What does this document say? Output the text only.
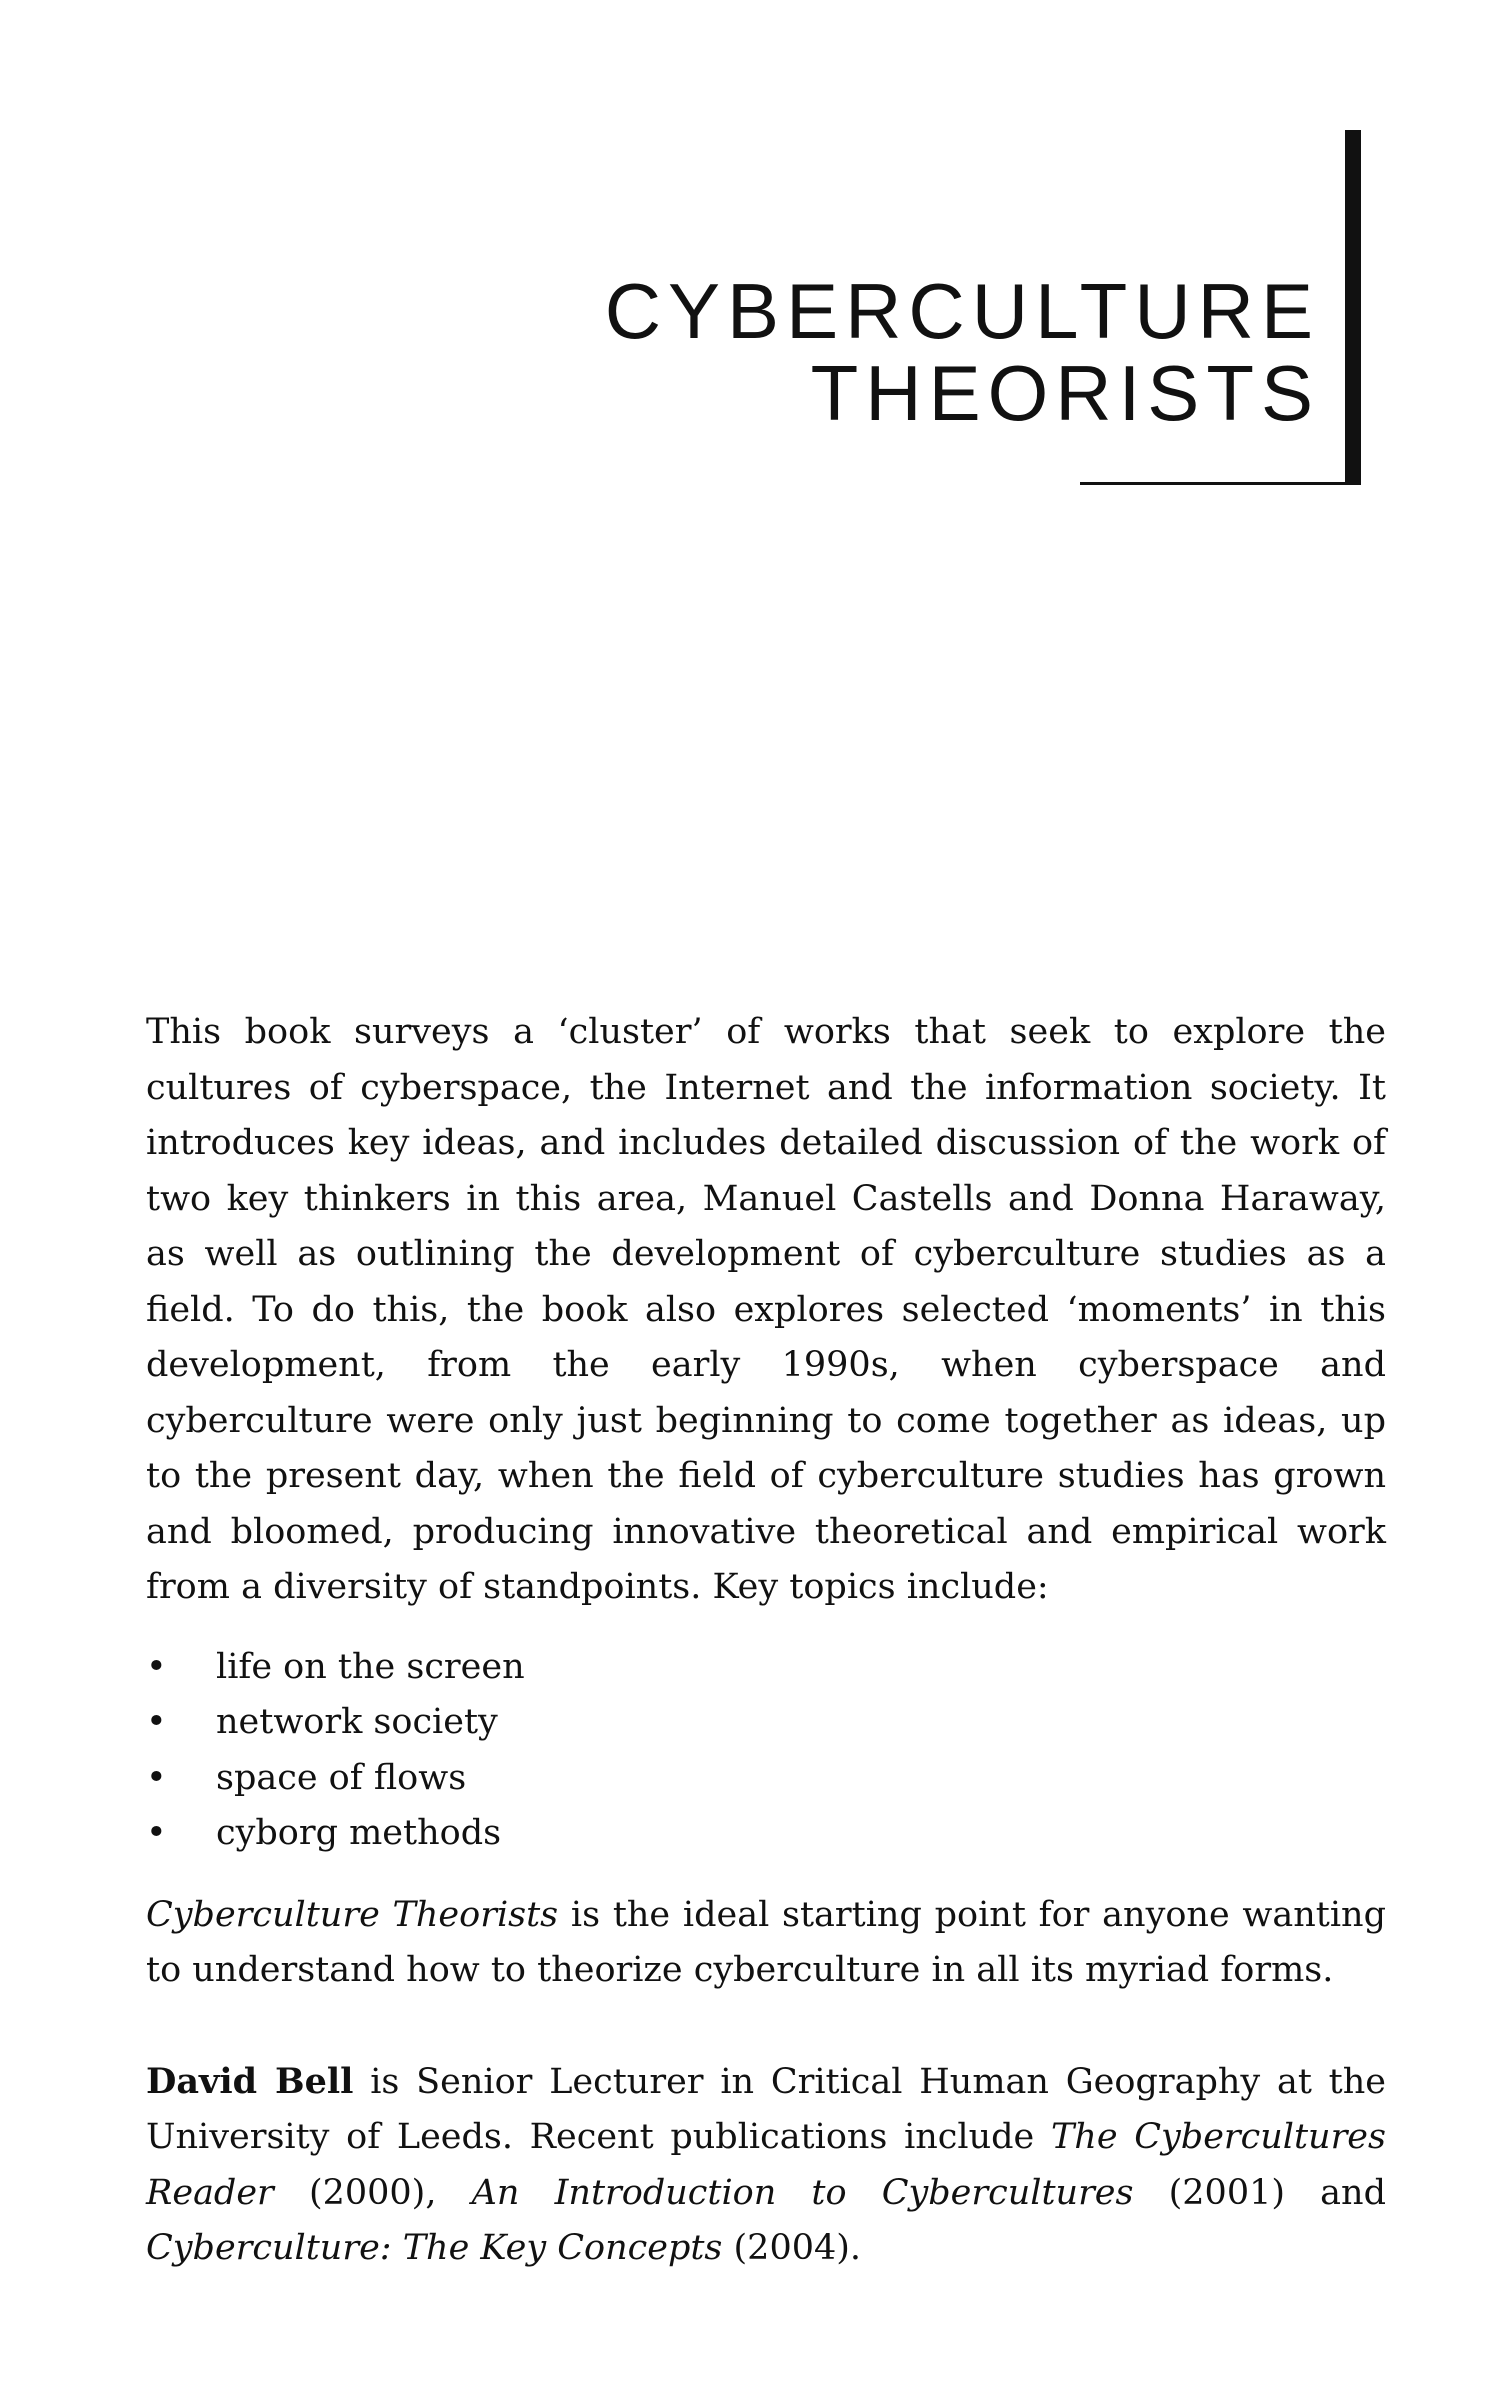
CYBERCULTURE
THEORISTS

This book surveys a ‘cluster’ of works that seek to explore the cultures of cyberspace, the Internet and the information society. It introduces key ideas, and includes detailed discussion of the work of two key thinkers in this area, Manuel Castells and Donna Haraway, as well as outlining the development of cyberculture studies as a field. To do this, the book also explores selected ‘moments’ in this development, from the early 1990s, when cyberspace and cyberculture were only just beginning to come together as ideas, up to the present day, when the field of cyberculture studies has grown and bloomed, producing innovative theoretical and empirical work from a diversity of standpoints. Key topics include:

• life on the screen
• network society
• space of flows
• cyborg methods

Cyberculture Theorists is the ideal starting point for anyone wanting to understand how to theorize cyberculture in all its myriad forms.

David Bell is Senior Lecturer in Critical Human Geography at the University of Leeds. Recent publications include The Cybercultures Reader (2000), An Introduction to Cybercultures (2001) and Cyberculture: The Key Concepts (2004).
